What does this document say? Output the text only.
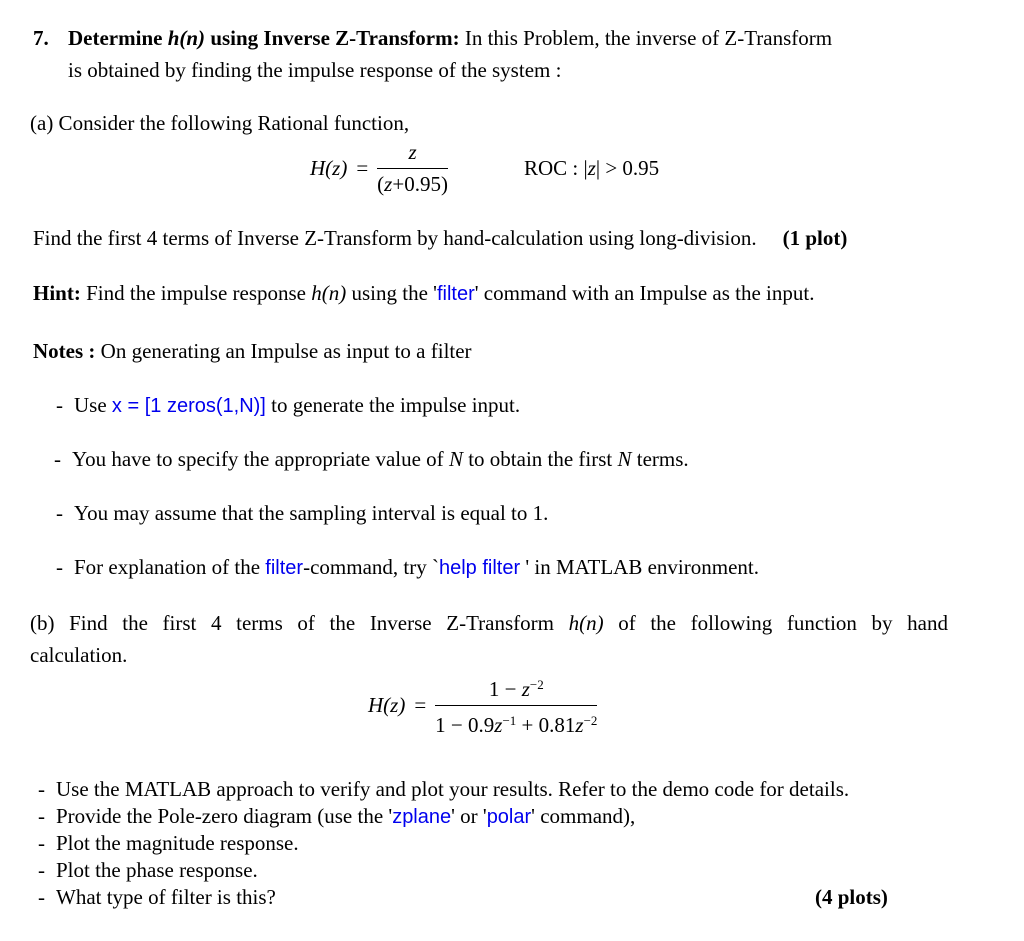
7. Determine h(n) using Inverse Z-Transform: In this Problem, the inverse of Z-Transform
is obtained by finding the impulse response of the system :
(a) Consider the following Rational function,
$H(z) = \frac{z}{(z+0.95)}$	ROC : |z| > 0.95
Find the first 4 terms of Inverse Z-Transform by hand-calculation using long-division. (1 plot)
Hint: Find the impulse response h(n) using the 'filter' command with an Impulse as the input.
Notes : On generating an Impulse as input to a filter
- Use x = [1 zeros(1,N)] to generate the impulse input.
- You have to specify the appropriate value of N to obtain the first N terms.
- You may assume that the sampling interval is equal to 1.
- For explanation of the filter-command, try `help filter ' in MATLAB environment.
(b) Find the first 4 terms of the Inverse Z-Transform h(n) of the following function by hand
calculation.
$H(z) = \frac{1 - z^{-2}}{1 - 0.9z^{-1} + 0.81z^{-2}}$
- Use the MATLAB approach to verify and plot your results. Refer to the demo code for details.
- Provide the Pole-zero diagram (use the 'zplane' or 'polar' command),
- Plot the magnitude response.
- Plot the phase response.
- What type of filter is this?	(4 plots)
